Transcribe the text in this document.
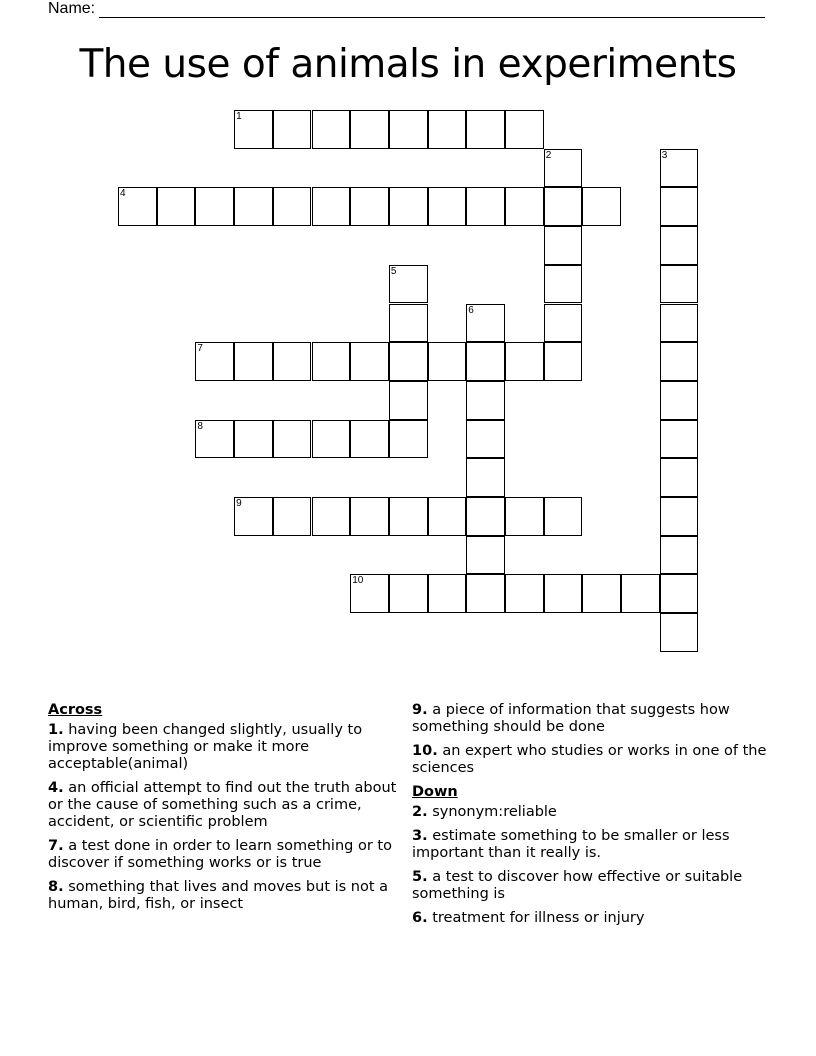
Name:
The use of animals in experiments
1
2	3
4
5
6
7
8
9
10
Across
1. having been changed slightly, usually to improve something or make it more acceptable(animal)
4. an official attempt to find out the truth about or the cause of something such as a crime, accident, or scientific problem
7. a test done in order to learn something or to discover if something works or is true
8. something that lives and moves but is not a human, bird, fish, or insect
9. a piece of information that suggests how something should be done
10. an expert who studies or works in one of the sciences
Down
2. synonym:reliable
3. estimate something to be smaller or less important than it really is.
5. a test to discover how effective or suitable something is
6. treatment for illness or injury
